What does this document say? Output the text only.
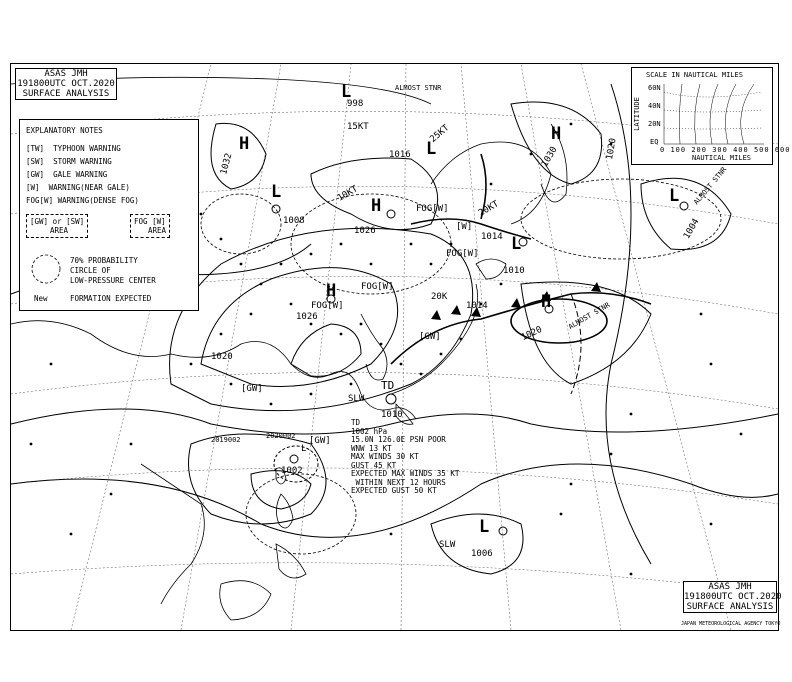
ASAS JMH
191800UTC OCT.2020
SURFACE ANALYSIS
ASAS JMH
191800UTC OCT.2020
SURFACE ANALYSIS
JAPAN METEOROLOGICAL AGENCY TOKYO
EXPLANATORY NOTES
[TW] TYPHOON WARNING
[SW] STORM WARNING
[GW] GALE WARNING
[W] WARNING(NEAR GALE)
FOG[W] WARNING(DENSE FOG)
[GW] or [SW]
AREA
FOG [W]
AREA
70% PROBABILITY
CIRCLE OF
LOW-PRESSURE CENTER
New	FORMATION EXPECTED
SCALE IN NAUTICAL MILES
LATITUDE
60N
40N
20N
EQ
0 100 200 300 400 500 600
NAUTICAL MILES
H
1020
ALMOST STNR
H
1026
H
1026
H
1032
H
1030
L
1004
ALMOST STNR
L
1006
SLW
L
1010
L
1008
1002
L
L
1016
L
998
ALMOST STNR
TD
SLW
1010
TD
1002 hPa
15.0N 126.0E PSN POOR
WNW 13 KT
MAX WINDS 30 KT
GUST 45 KT
EXPECTED MAX WINDS 35 KT
WITHIN NEXT 12 HOURS
EXPECTED GUST 50 KT
FOG[W]
FOG[W]
FOG[W]
FOG[W]
[GW]
[GW]
[GW]
[W]
20K
15KT
10KT
20KT
25KT
1014
1014
1020
1020
2019002	2020002
